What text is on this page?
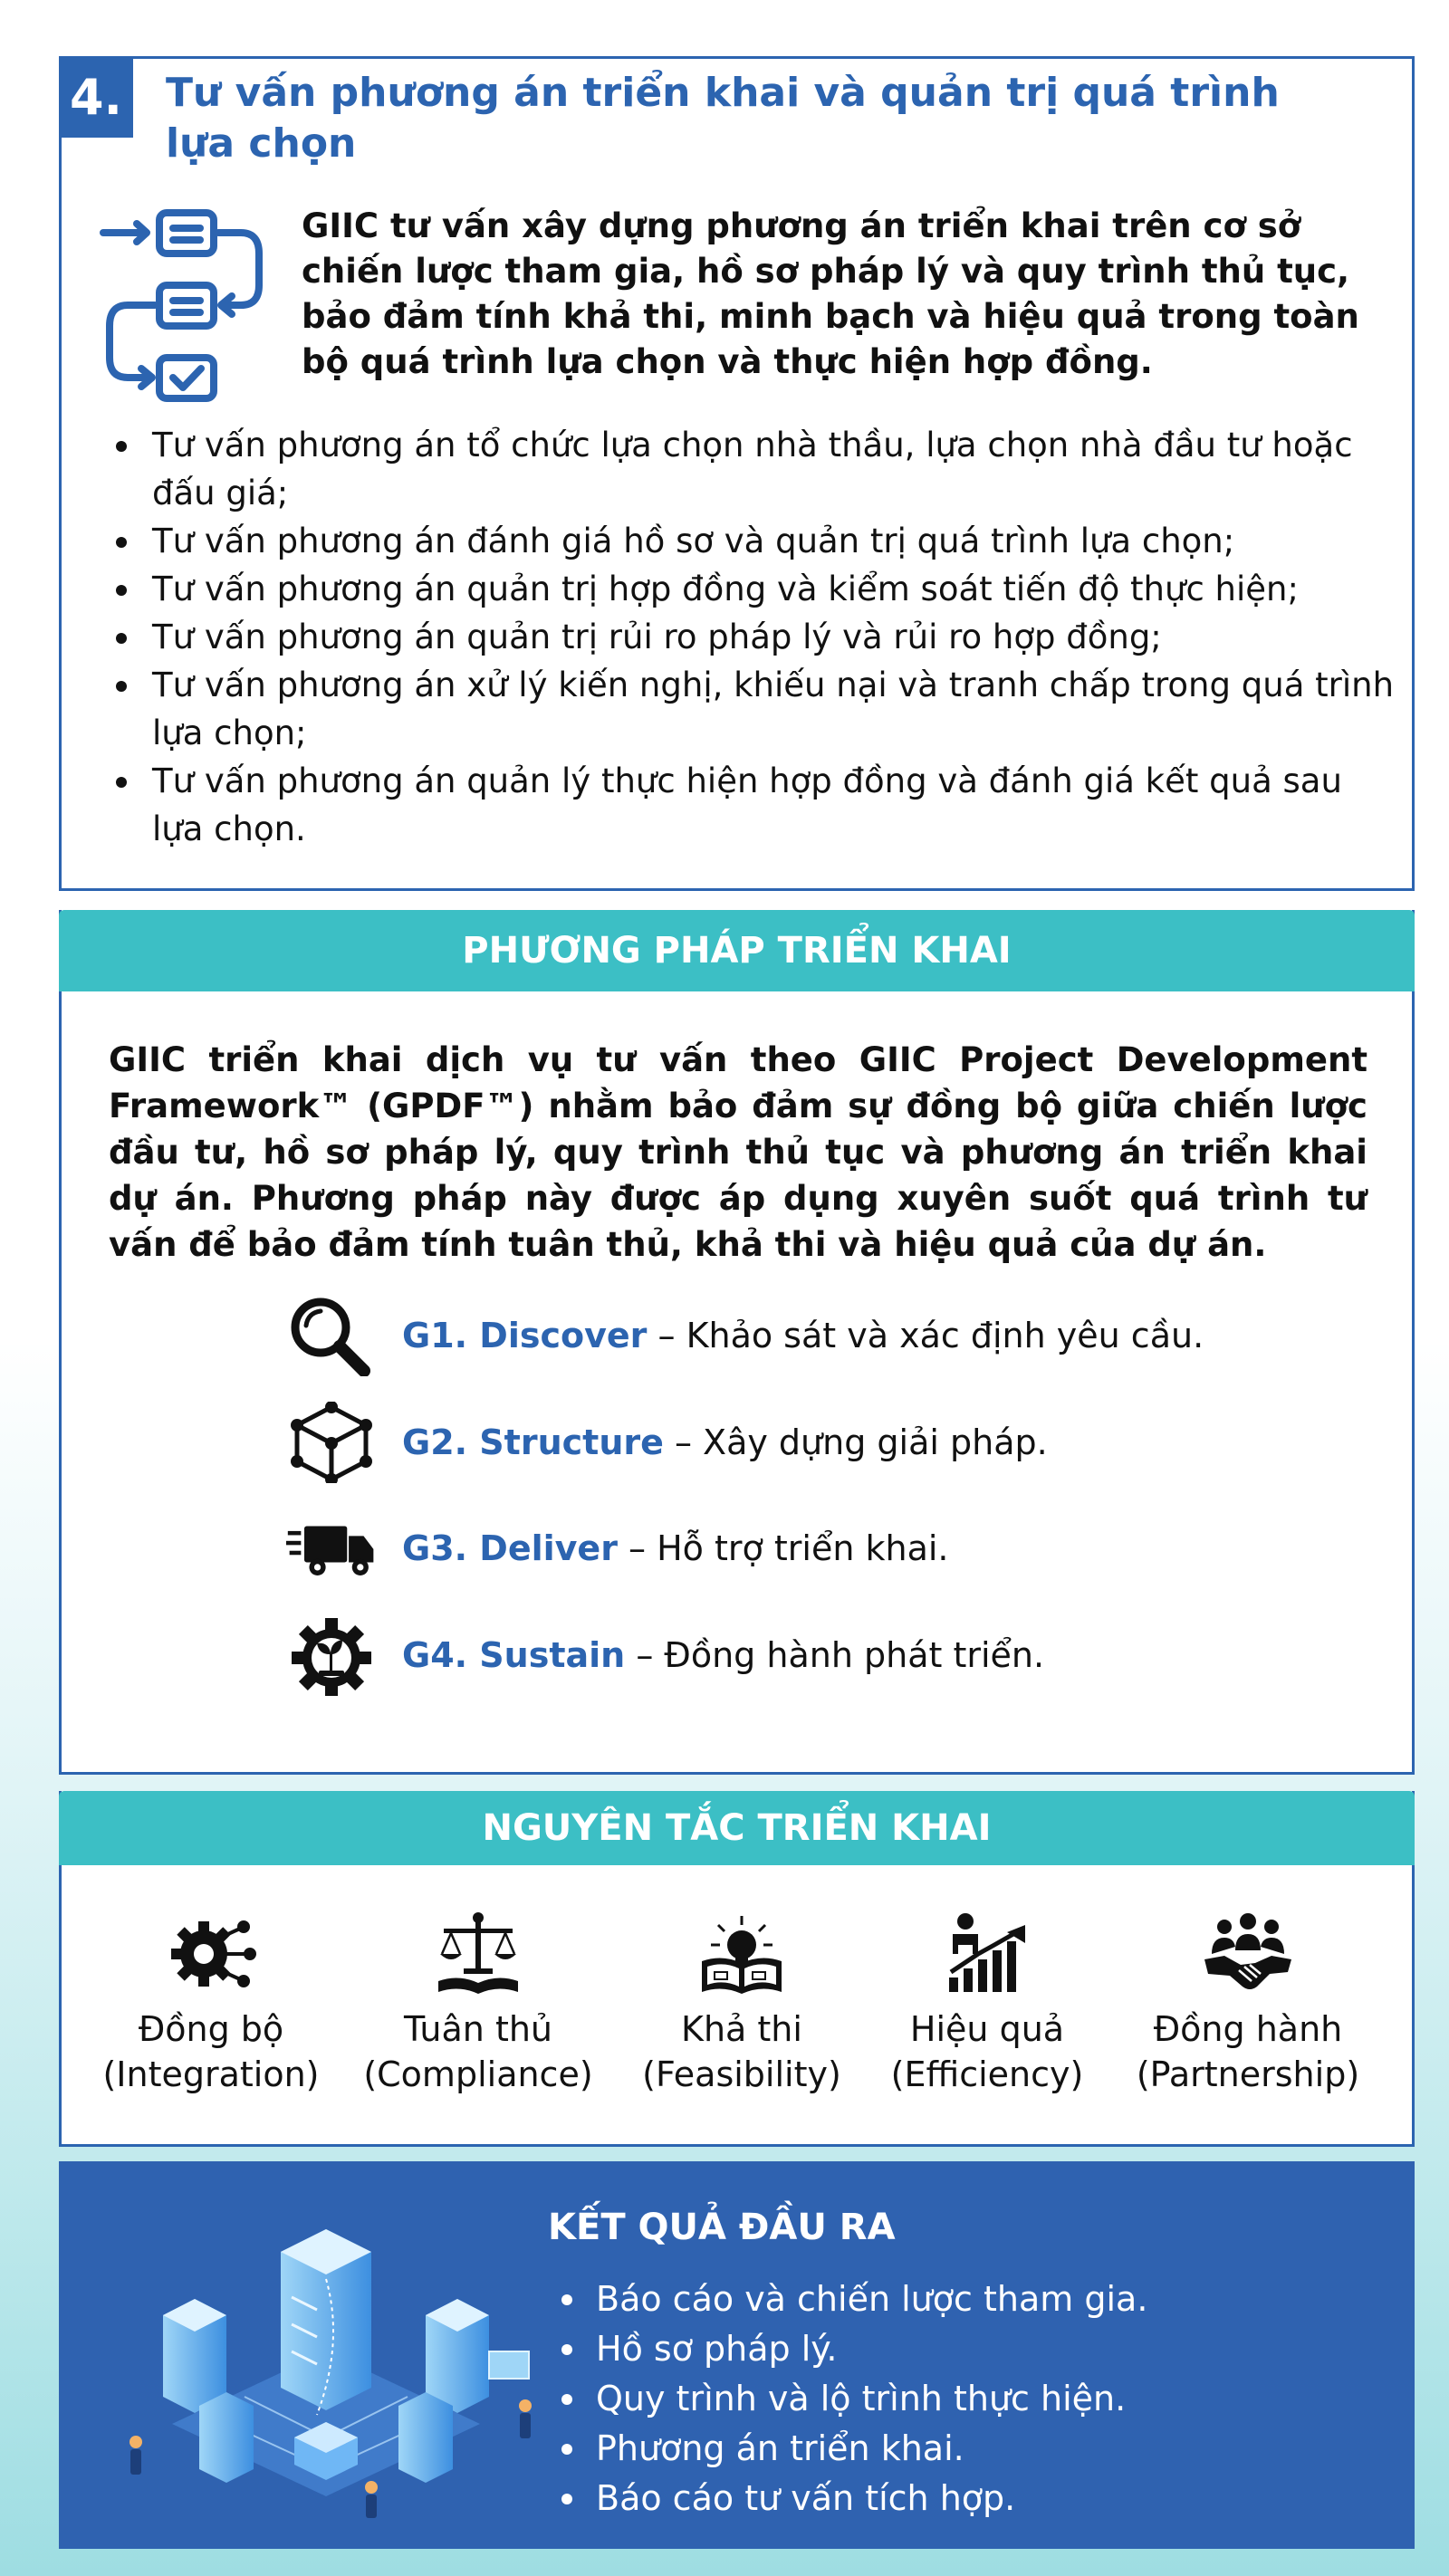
4. Tư vấn phương án triển khai và quản trị quá trình
lựa chọn

GIIC tư vấn xây dựng phương án triển khai trên cơ sở chiến lược tham gia, hồ sơ pháp lý và quy trình thủ tục, bảo đảm tính khả thi, minh bạch và hiệu quả trong toàn bộ quá trình lựa chọn và thực hiện hợp đồng.

Tư vấn phương án tổ chức lựa chọn nhà thầu, lựa chọn nhà đầu tư hoặc đấu giá;
Tư vấn phương án đánh giá hồ sơ và quản trị quá trình lựa chọn;
Tư vấn phương án quản trị hợp đồng và kiểm soát tiến độ thực hiện;
Tư vấn phương án quản trị rủi ro pháp lý và rủi ro hợp đồng;
Tư vấn phương án xử lý kiến nghị, khiếu nại và tranh chấp trong quá trình lựa chọn;
Tư vấn phương án quản lý thực hiện hợp đồng và đánh giá kết quả sau lựa chọn.
PHƯƠNG PHÁP TRIỂN KHAI

GIIC triển khai dịch vụ tư vấn theo GIIC Project Development Framework™ (GPDF™) nhằm bảo đảm sự đồng bộ giữa chiến lược đầu tư, hồ sơ pháp lý, quy trình thủ tục và phương án triển khai dự án. Phương pháp này được áp dụng xuyên suốt quá trình tư vấn để bảo đảm tính tuân thủ, khả thi và hiệu quả của dự án.

G1. Discover – Khảo sát và xác định yêu cầu.
G2. Structure – Xây dựng giải pháp.
G3. Deliver – Hỗ trợ triển khai.
G4. Sustain – Đồng hành phát triển.
NGUYÊN TẮC TRIỂN KHAI
Đồng bộ
(Integration)
Tuân thủ
(Compliance)
Khả thi
(Feasibility)
Hiệu quả
(Efficiency)
Đồng hành
(Partnership)
KẾT QUẢ ĐẦU RA
Báo cáo và chiến lược tham gia.
Hồ sơ pháp lý.
Quy trình và lộ trình thực hiện.
Phương án triển khai.
Báo cáo tư vấn tích hợp.
